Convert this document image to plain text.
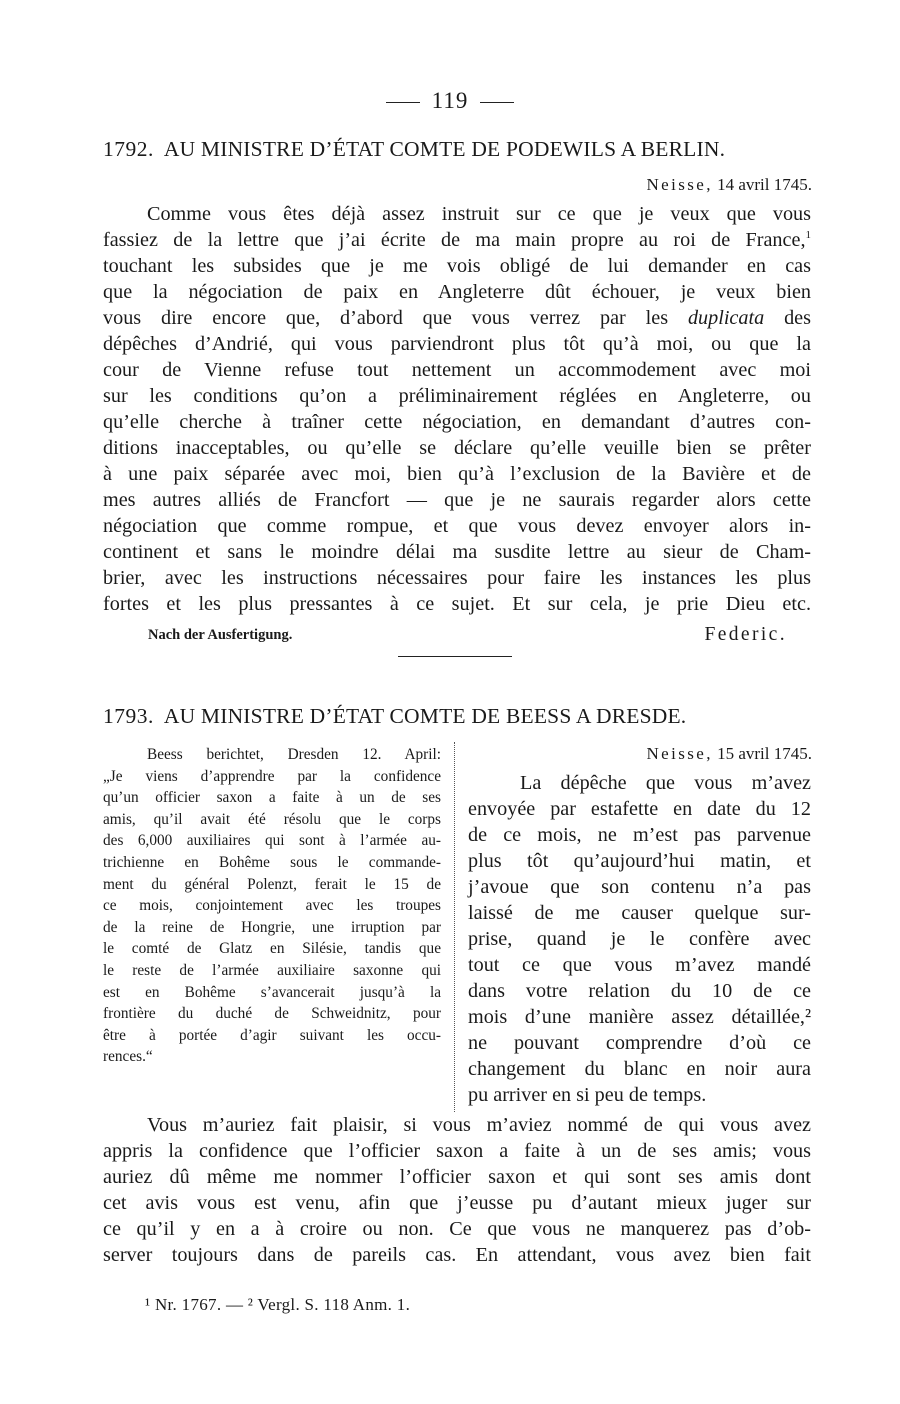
119
1792. AU MINISTRE D’ÉTAT COMTE DE PODEWILS A BERLIN.
Neisse, 14 avril 1745.
Comme vous êtes déjà assez instruit sur ce que je veux que vous
fassiez de la lettre que j’ai écrite de ma main propre au roi de France,$^1$
touchant les subsides que je me vois obligé de lui demander en cas
que la négociation de paix en Angleterre dût échouer, je veux bien
vous dire encore que, d’abord que vous verrez par les duplicata des
dépêches d’Andrié, qui vous parviendront plus tôt qu’à moi, ou que la
cour de Vienne refuse tout nettement un accommodement avec moi
sur les conditions qu’on a préliminairement réglées en Angleterre, ou
qu’elle cherche à traîner cette négociation, en demandant d’autres con-
ditions inacceptables, ou qu’elle se déclare qu’elle veuille bien se prêter
à une paix séparée avec moi, bien qu’à l’exclusion de la Bavière et de
mes autres alliés de Francfort — que je ne saurais regarder alors cette
négociation que comme rompue, et que vous devez envoyer alors in-
continent et sans le moindre délai ma susdite lettre au sieur de Cham-
brier, avec les instructions nécessaires pour faire les instances les plus
fortes et les plus pressantes à ce sujet. Et sur cela, je prie Dieu etc.
Nach der Ausfertigung.	Federic.
1793. AU MINISTRE D’ÉTAT COMTE DE BEESS A DRESDE.
Beess berichtet, Dresden 12. April:
„Je viens d’apprendre par la confidence
qu’un officier saxon a faite à un de ses
amis, qu’il avait été résolu que le corps
des 6,000 auxiliaires qui sont à l’armée au-
trichienne en Bohême sous le commande-
ment du général Polenzt, ferait le 15 de
ce mois, conjointement avec les troupes
de la reine de Hongrie, une irruption par
le comté de Glatz en Silésie, tandis que
le reste de l’armée auxiliaire saxonne qui
est en Bohême s’avancerait jusqu’à la
frontière du duché de Schweidnitz, pour
être à portée d’agir suivant les occu-
rences.“
Neisse, 15 avril 1745.
La dépêche que vous m’avez
envoyée par estafette en date du 12
de ce mois, ne m’est pas parvenue
plus tôt qu’aujourd’hui matin, et
j’avoue que son contenu n’a pas
laissé de me causer quelque sur-
prise, quand je le confère avec
tout ce que vous m’avez mandé
dans votre relation du 10 de ce
mois d’une manière assez détaillée,²
ne pouvant comprendre d’où ce
changement du blanc en noir aura
pu arriver en si peu de temps.
Vous m’auriez fait plaisir, si vous m’aviez nommé de qui vous avez
appris la confidence que l’officier saxon a faite à un de ses amis; vous
auriez dû même me nommer l’officier saxon et qui sont ses amis dont
cet avis vous est venu, afin que j’eusse pu d’autant mieux juger sur
ce qu’il y en a à croire ou non. Ce que vous ne manquerez pas d’ob-
server toujours dans de pareils cas. En attendant, vous avez bien fait
¹ Nr. 1767. — ² Vergl. S. 118 Anm. 1.
